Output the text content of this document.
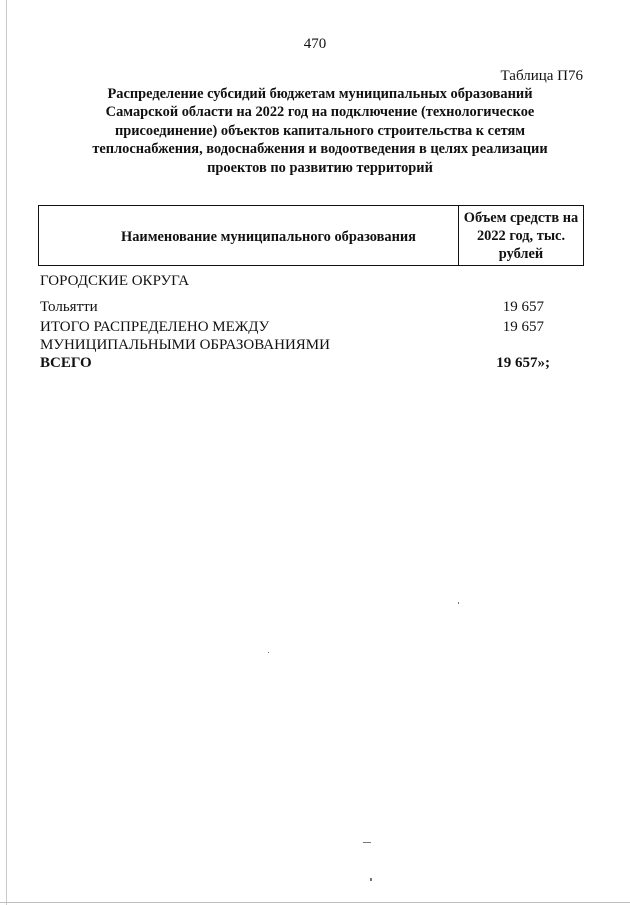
470
Таблица П76
Распределение субсидий бюджетам муниципальных образований Самарской области на 2022 год на подключение (технологическое присоединение) объектов капитального строительства к сетям теплоснабжения, водоснабжения и водоотведения в целях реализации проектов по развитию территорий
Наименование муниципального образования
Объем средств на 2022 год, тыс. рублей
ГОРОДСКИЕ ОКРУГА
Тольятти	19 657
ИТОГО РАСПРЕДЕЛЕНО МЕЖДУ МУНИЦИПАЛЬНЫМИ ОБРАЗОВАНИЯМИ
19 657
ВСЕГО	19 657»;
